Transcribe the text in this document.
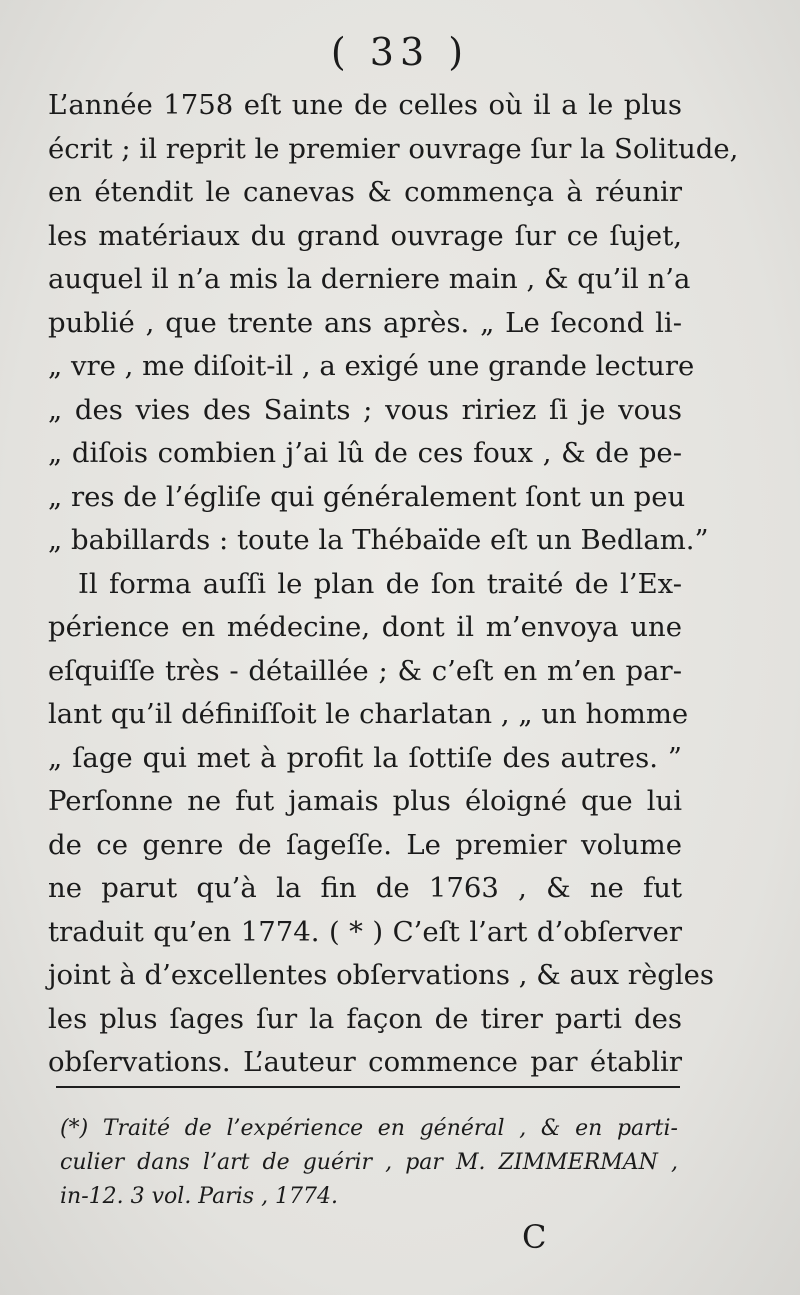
( 33 )
L’année 1758 eſt une de celles où il a le plus
écrit ; il reprit le premier ouvrage ſur la Solitude,
en étendit le canevas & commença à réunir
les matériaux du grand ouvrage ſur ce ſujet,
auquel il n’a mis la derniere main , & qu’il n’a
publié , que trente ans après. „ Le ſecond li-
„ vre , me diſoit-il , a exigé une grande lecture
„ des vies des Saints ; vous ririez ſi je vous
„ diſois combien j’ai lû de ces foux , & de pe-
„ res de l’égliſe qui généralement ſont un peu
„ babillards : toute la Thébaïde eſt un Bedlam.”
Il forma auſſi le plan de ſon traité de l’Ex-
périence en médecine, dont il m’envoya une
eſquiſſe très - détaillée ; & c’eſt en m’en par-
lant qu’il définiſſoit le charlatan , „ un homme
„ ſage qui met à profit la ſottiſe des autres. ”
Perſonne ne fut jamais plus éloigné que lui
de ce genre de ſageſſe. Le premier volume
ne parut qu’à la fin de 1763 , & ne fut
traduit qu’en 1774. ( * ) C’eſt l’art d’obſerver
joint à d’excellentes obſervations , & aux règles
les plus ſages ſur la façon de tirer parti des
obſervations. L’auteur commence par établir
(*) Traité de l’expérience en général , & en parti-
culier dans l’art de guérir , par M. ZIMMERMAN ,
in-12. 3 vol. Paris , 1774.
C
